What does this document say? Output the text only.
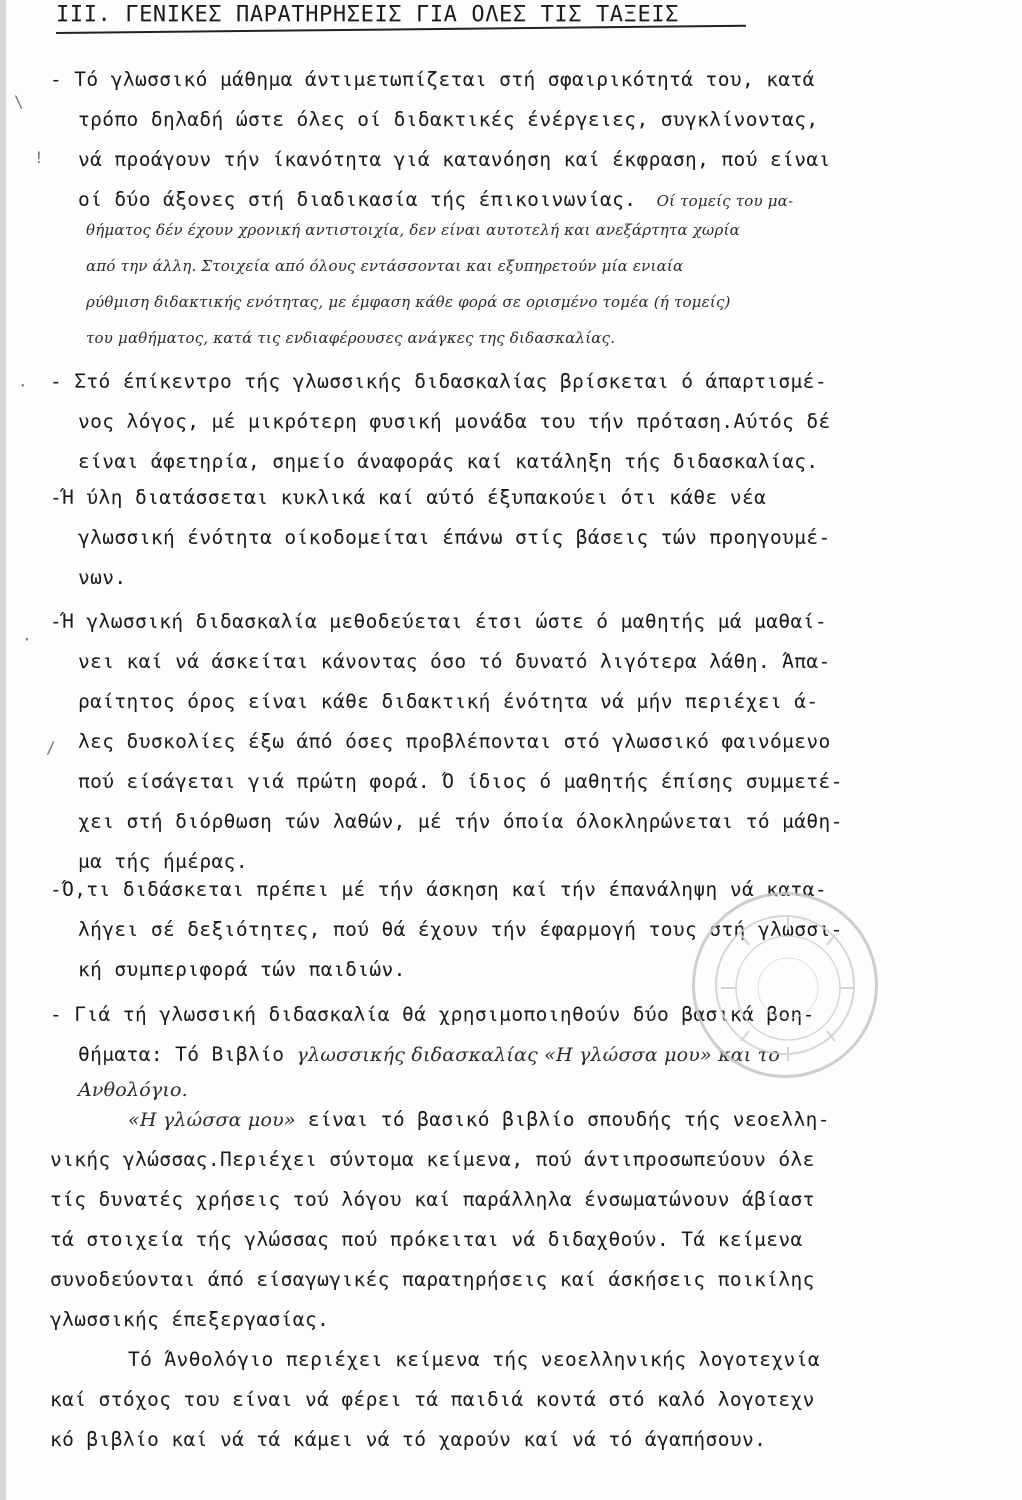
ΙΙΙ. ΓΕΝΙΚΕΣ ΠΑΡΑΤΗΡΗΣΕΙΣ ΓΙΑ ΟΛΕΣ ΤΙΣ ΤΑΞΕΙΣ
- Τό γλωσσικό μάθημα άντιμετωπίζεται στή σφαιρικότητά του, κατά
τρόπο δηλαδή ώστε όλες οί διδακτικές ένέργειες, συγκλίνοντας,
νά προάγουν τήν ίκανότητα γιά κατανόηση καί έκφραση, πού είναι
οί δύο άξονες στή διαδικασία τής έπικοινωνίας. Οί τομείς του μα-
θήματος δέν έχουν χρονική αντιστοιχία, δεν είναι αυτοτελή και ανεξάρτητα χωρία
από την άλλη. Στοιχεία από όλους εντάσσονται και εξυπηρετούν μία ενιαία
ρύθμιση διδακτικής ενότητας, με έμφαση κάθε φορά σε ορισμένο τομέα (ή τομείς)
του μαθήματος, κατά τις ενδιαφέρουσες ανάγκες της διδασκαλίας.
- Στό έπίκεντρο τής γλωσσικής διδασκαλίας βρίσκεται ό άπαρτισμέ-
νος λόγος, μέ μικρότερη φυσική μονάδα του τήν πρόταση.Αύτός δέ
είναι άφετηρία, σημείο άναφοράς καί κατάληξη τής διδασκαλίας.
-Ή ύλη διατάσσεται κυκλικά καί αύτό έξυπακούει ότι κάθε νέα
γλωσσική ένότητα οίκοδομείται έπάνω στίς βάσεις τών προηγουμέ-
νων.
-Ή γλωσσική διδασκαλία μεθοδεύεται έτσι ώστε ό μαθητής μά μαθαί-
νει καί νά άσκείται κάνοντας όσο τό δυνατό λιγότερα λάθη. Άπα-
ραίτητος όρος είναι κάθε διδακτική ένότητα νά μήν περιέχει ά-
λες δυσκολίες έξω άπό όσες προβλέπονται στό γλωσσικό φαινόμενο
πού είσάγεται γιά πρώτη φορά. Ό ίδιος ό μαθητής έπίσης συμμετέ-
χει στή διόρθωση τών λαθών, μέ τήν όποία όλοκληρώνεται τό μάθη-
μα τής ήμέρας.
-Ό,τι διδάσκεται πρέπει μέ τήν άσκηση καί τήν έπανάληψη νά κατα-
λήγει σέ δεξιότητες, πού θά έχουν τήν έφαρμογή τους στή γλωσσι-
κή συμπεριφορά τών παιδιών.
- Γιά τή γλωσσική διδασκαλία θά χρησιμοποιηθούν δύο βασικά βοη-
θήματα: Τό Βιβλίο γλωσσικής διδασκαλίας «Η γλώσσα μου» και το
Ανθολόγιο.
«Η γλώσσα μου» είναι τό βασικό βιβλίο σπουδής τής νεοελλη-
νικής γλώσσας.Περιέχει σύντομα κείμενα, πού άντιπροσωπεύουν όλε
τίς δυνατές χρήσεις τού λόγου καί παράλληλα ένσωματώνουν άβίαστ
τά στοιχεία τής γλώσσας πού πρόκειται νά διδαχθούν. Τά κείμενα
συνοδεύονται άπό είσαγωγικές παρατηρήσεις καί άσκήσεις ποικίλης
γλωσσικής έπεξεργασίας.
Τό Άνθολόγιο περιέχει κείμενα τής νεοελληνικής λογοτεχνία
καί στόχος του είναι νά φέρει τά παιδιά κοντά στό καλό λογοτεχν
κό βιβλίο καί νά τά κάμει νά τό χαρούν καί νά τό άγαπήσουν.
\
!
·
·
/
